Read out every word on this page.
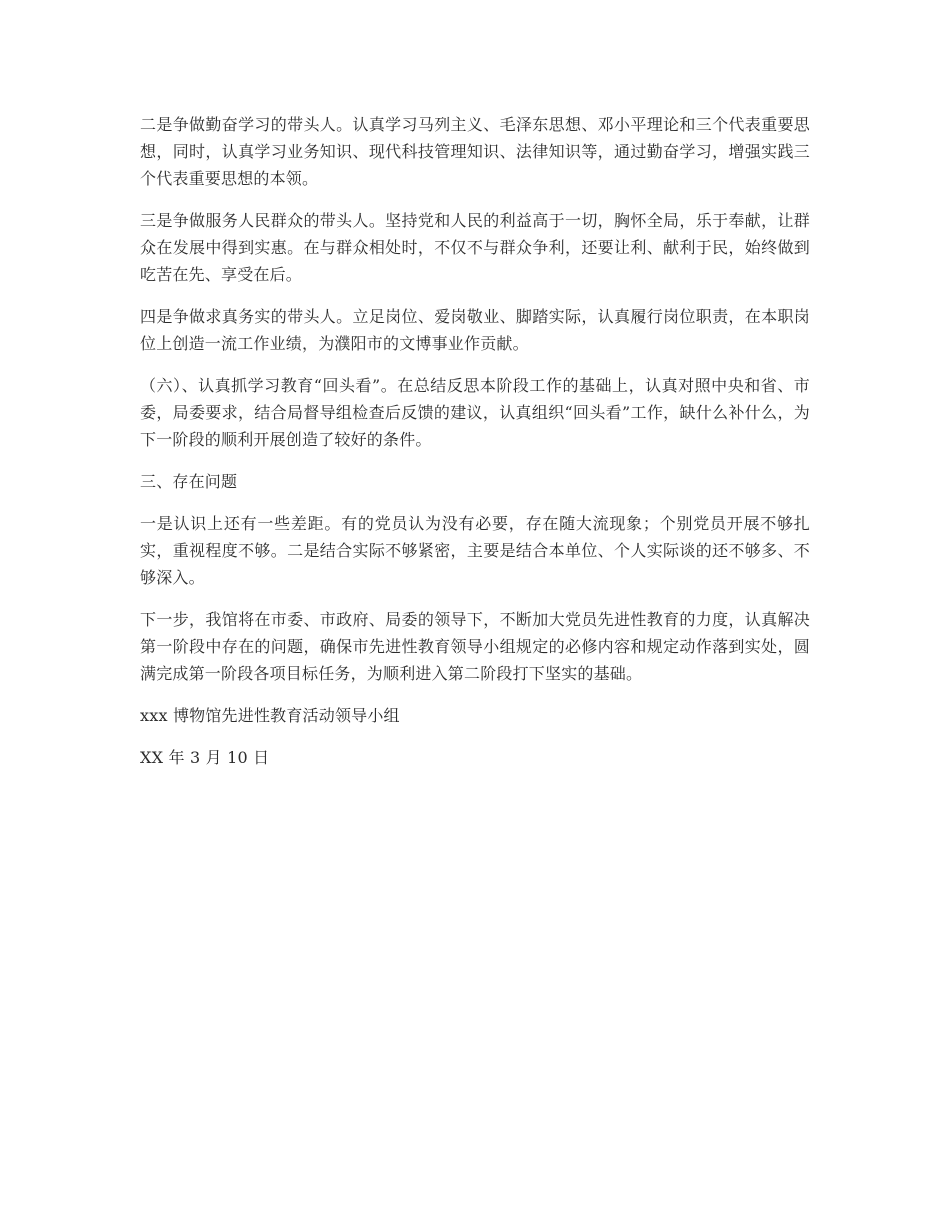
二是争做勤奋学习的带头人。认真学习马列主义、毛泽东思想、邓小平理论和三个代表重要思想，同时，认真学习业务知识、现代科技管理知识、法律知识等，通过勤奋学习，增强实践三个代表重要思想的本领。

三是争做服务人民群众的带头人。坚持党和人民的利益高于一切，胸怀全局，乐于奉献，让群众在发展中得到实惠。在与群众相处时，不仅不与群众争利，还要让利、献利于民，始终做到吃苦在先、享受在后。

四是争做求真务实的带头人。立足岗位、爱岗敬业、脚踏实际，认真履行岗位职责，在本职岗位上创造一流工作业绩，为濮阳市的文博事业作贡献。

（六）、认真抓学习教育“回头看”。在总结反思本阶段工作的基础上，认真对照中央和省、市委，局委要求，结合局督导组检查后反馈的建议，认真组织“回头看”工作，缺什么补什么，为下一阶段的顺利开展创造了较好的条件。

三、存在问题

一是认识上还有一些差距。有的党员认为没有必要，存在随大流现象；个别党员开展不够扎实，重视程度不够。二是结合实际不够紧密，主要是结合本单位、个人实际谈的还不够多、不够深入。

下一步，我馆将在市委、市政府、局委的领导下，不断加大党员先进性教育的力度，认真解决第一阶段中存在的问题，确保市先进性教育领导小组规定的必修内容和规定动作落到实处，圆满完成第一阶段各项目标任务，为顺利进入第二阶段打下坚实的基础。

xxx 博物馆先进性教育活动领导小组

XX 年 3 月 10 日
